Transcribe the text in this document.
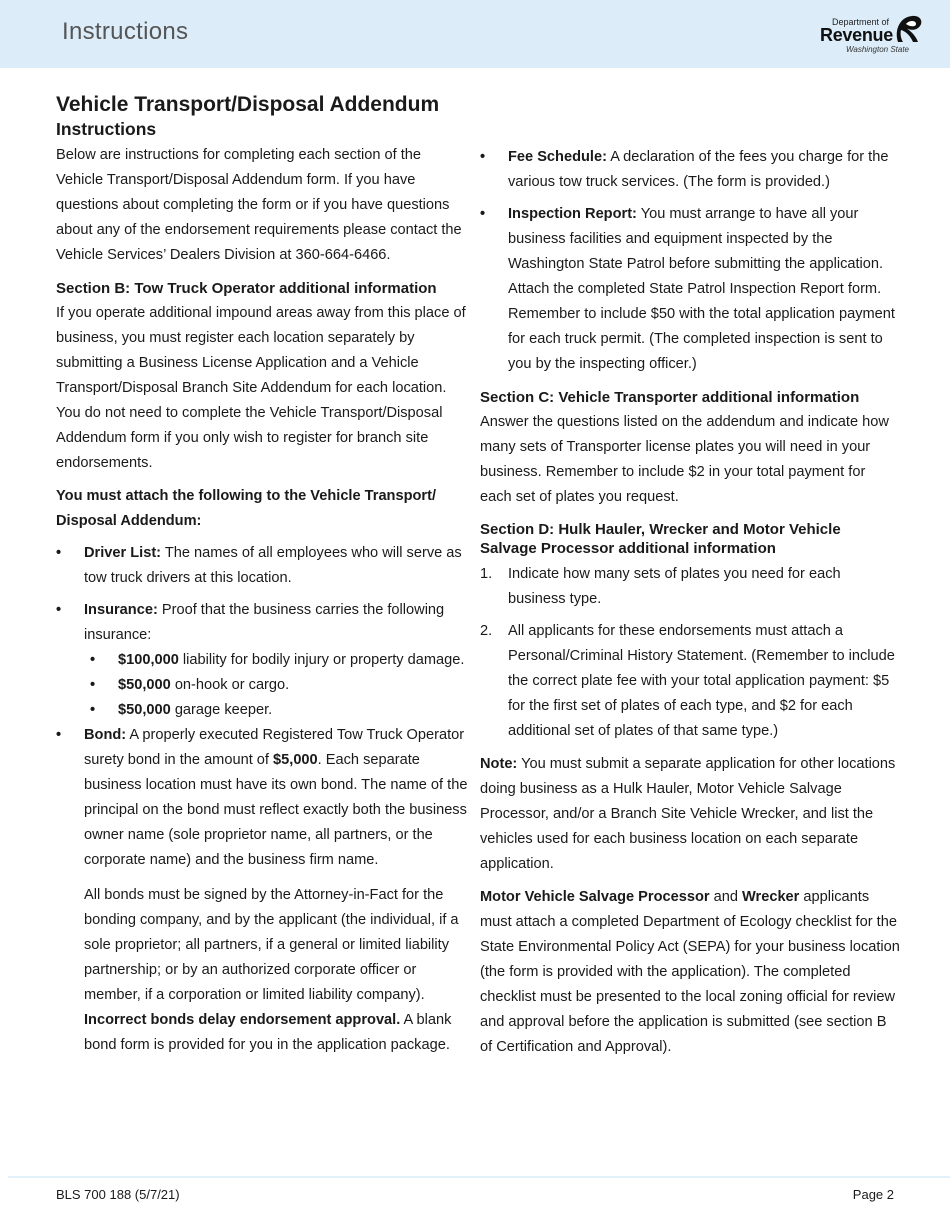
Instructions	Department of
Revenue
Washington State
Vehicle Transport/Disposal Addendum
Instructions

Below are instructions for completing each section of the Vehicle Transport/Disposal Addendum form. If you have questions about completing the form or if you have questions about any of the endorsement requirements please contact the Vehicle Services’ Dealers Division at 360-664-6466.

Section B: Tow Truck Operator additional information

If you operate additional impound areas away from this place of business, you must register each location separately by submitting a Business License Application and a Vehicle Transport/Disposal Branch Site Addendum for each location. You do not need to complete the Vehicle Transport/Disposal Addendum form if you only wish to register for branch site endorsements.

You must attach the following to the Vehicle Transport/ Disposal Addendum:

• Driver List: The names of all employees who will serve as tow truck drivers at this location.
• Insurance: Proof that the business carries the following insurance:
• $100,000 liability for bodily injury or property damage.
• $50,000 on-hook or cargo.
• $50,000 garage keeper.
• Bond: A properly executed Registered Tow Truck Operator surety bond in the amount of $5,000. Each separate business location must have its own bond. The name of the principal on the bond must reflect exactly both the business owner name (sole proprietor name, all partners, or the corporate name) and the business firm name.

All bonds must be signed by the Attorney-in-Fact for the bonding company, and by the applicant (the individual, if a sole proprietor; all partners, if a general or limited liability partnership; or by an authorized corporate officer or member, if a corporation or limited liability company). Incorrect bonds delay endorsement approval. A blank bond form is provided for you in the application package.

• Fee Schedule: A declaration of the fees you charge for the various tow truck services. (The form is provided.)
• Inspection Report: You must arrange to have all your business facilities and equipment inspected by the Washington State Patrol before submitting the application. Attach the completed State Patrol Inspection Report form. Remember to include $50 with the total application payment for each truck permit. (The completed inspection is sent to you by the inspecting officer.)
Section C: Vehicle Transporter additional information

Answer the questions listed on the addendum and indicate how many sets of Transporter license plates you will need in your business. Remember to include $2 in your total payment for each set of plates you request.

Section D: Hulk Hauler, Wrecker and Motor Vehicle Salvage Processor additional information
1. Indicate how many sets of plates you need for each business type.
2. All applicants for these endorsements must attach a Personal/Criminal History Statement. (Remember to include the correct plate fee with your total application payment: $5 for the first set of plates of each type, and $2 for each additional set of plates of that same type.)

Note: You must submit a separate application for other locations doing business as a Hulk Hauler, Motor Vehicle Salvage Processor, and/or a Branch Site Vehicle Wrecker, and list the vehicles used for each business location on each separate application.

Motor Vehicle Salvage Processor and Wrecker applicants must attach a completed Department of Ecology checklist for the State Environmental Policy Act (SEPA) for your business location (the form is provided with the application). The completed checklist must be presented to the local zoning official for review and approval before the application is submitted (see section B of Certification and Approval).

BLS 700 188 (5/7/21)	Page 2
